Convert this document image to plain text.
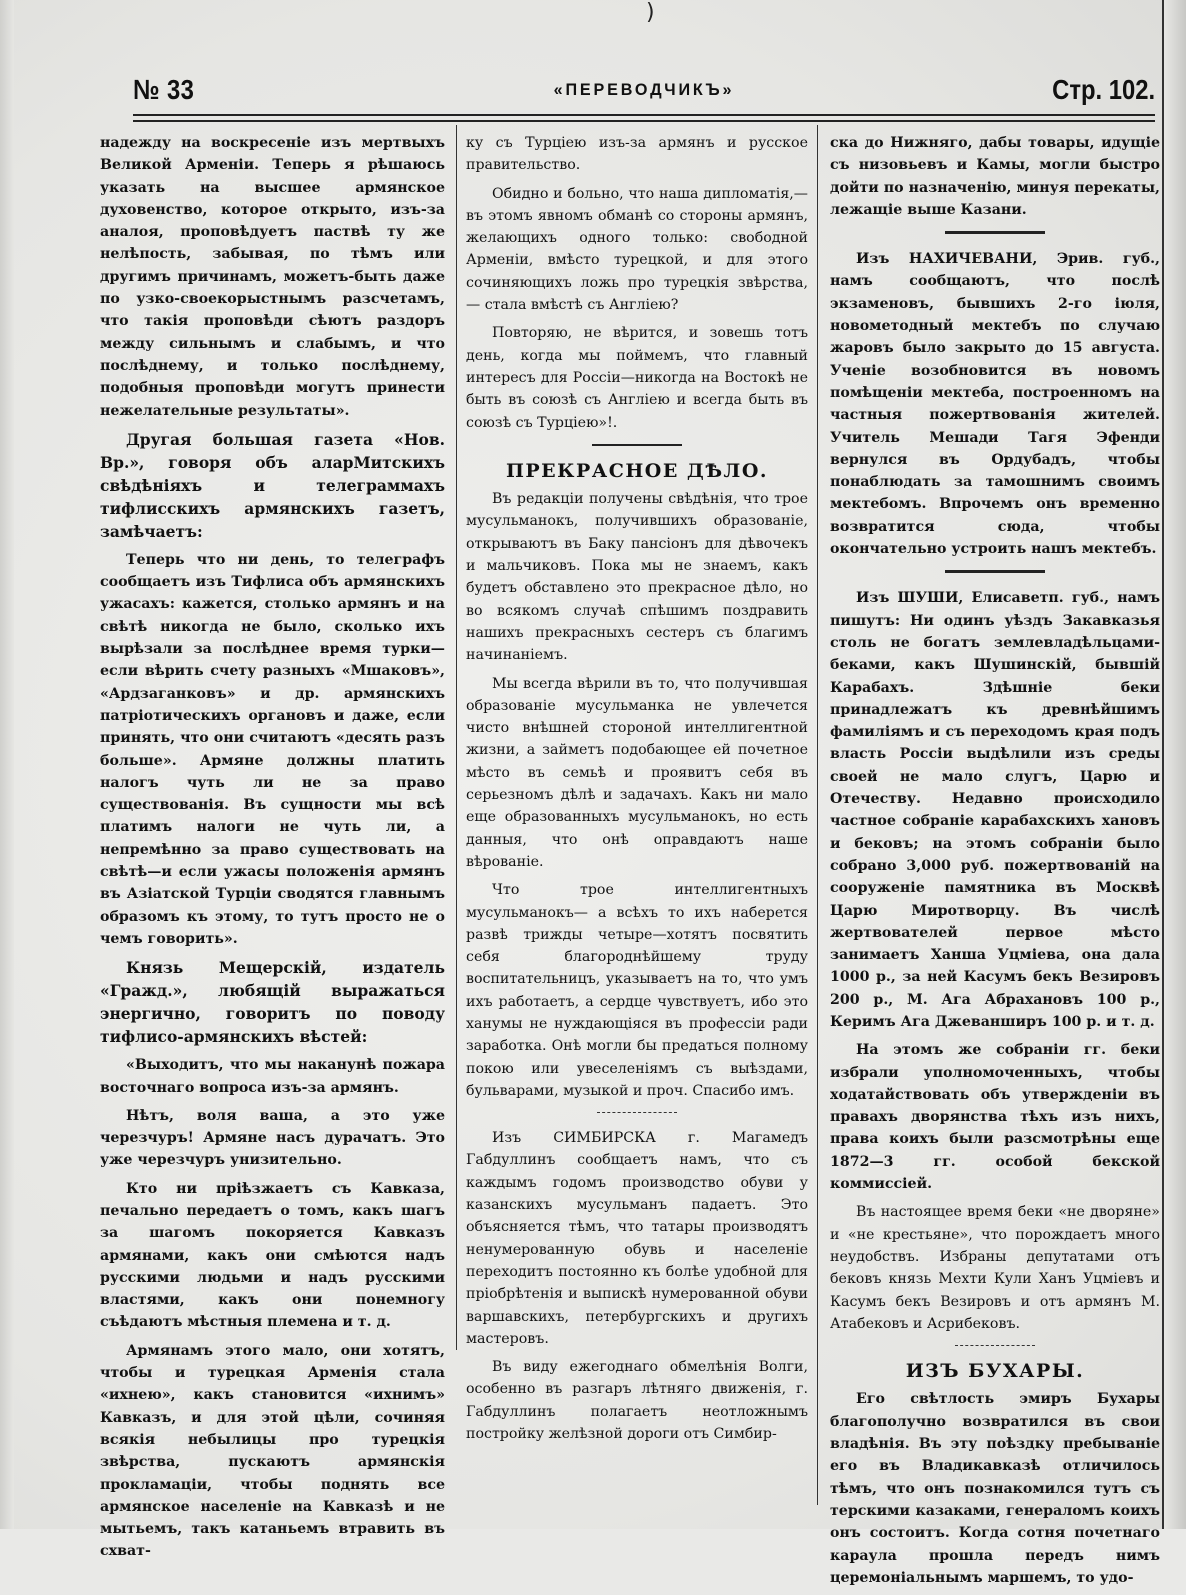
)
№ 33	«ПЕРЕВОДЧИКЪ»	Стр. 102.

надежду на воскресеніе изъ мертвыхъ Великой Арменіи. Теперь я рѣшаюсь указать на высшее армянское духовенство, которое открыто, изъ-за аналоя, проповѣдуетъ паствѣ ту же нелѣпость, забывая, по тѣмъ или другимъ причинамъ, можетъ-быть даже по узко-своекорыстнымъ разсчетамъ, что такія проповѣди сѣютъ раздоръ между сильнымъ и слабымъ, и что послѣднему, и только послѣднему, подобныя проповѣди могутъ принести нежелательные результаты».

Другая большая газета «Нов. Вр.», говоря объ аларМитскихъ свѣдѣніяхъ и телеграммахъ тифлисскихъ армянскихъ газетъ, замѣчаетъ:

Теперь что ни день, то телеграфъ сообщаетъ изъ Тифлиса объ армянскихъ ужасахъ: кажется, столько армянъ и на свѣтѣ никогда не было, сколько ихъ вырѣзали за послѣднее время турки—если вѣрить счету разныхъ «Мшаковъ», «Ардзаганковъ» и др. армянскихъ патріотическихъ органовъ и даже, если принять, что они считаютъ «десять разъ больше». Армяне должны платить налогъ чуть ли не за право существованія. Въ сущности мы всѣ платимъ налоги не чуть ли, а непремѣнно за право существовать на свѣтѣ—и если ужасы положенія армянъ въ Азіатской Турціи сводятся главнымъ образомъ къ этому, то тутъ просто не о чемъ говорить».

Князь Мещерскій, издатель «Гражд.», любящій выражаться энергично, говоритъ по поводу тифлисо-армянскихъ вѣстей:

«Выходитъ, что мы наканунѣ пожара восточнаго вопроса изъ-за армянъ.

Нѣтъ, воля ваша, а это уже черезчуръ! Армяне насъ дурачатъ. Это уже черезчуръ унизительно.

Кто ни пріѣзжаетъ съ Кавказа, печально передаетъ о томъ, какъ шагъ за шагомъ покоряется Кавказъ армянами, какъ они смѣются надъ русскими людьми и надъ русскими властями, какъ они понемногу съѣдаютъ мѣстныя племена и т. д.

Армянамъ этого мало, они хотятъ, чтобы и турецкая Арменія стала «ихнею», какъ становится «ихнимъ» Кавказъ, и для этой цѣли, сочиняя всякія небылицы про турецкія звѣрства, пускаютъ армянскія прокламаціи, чтобы поднять все армянское населеніе на Кавказѣ и не мытьемъ, такъ катаньемъ втравить въ схват-

ку съ Турціею изъ-за армянъ и русское правительство.

Обидно и больно, что наша дипломатія,—въ этомъ явномъ обманѣ со стороны армянъ, желающихъ одного только: свободной Арменіи, вмѣсто турецкой, и для этого сочиняющихъ ложь про турецкія звѣрства, — стала вмѣстѣ съ Англіею?

Повторяю, не вѣрится, и зовешь тотъ день, когда мы поймемъ, что главный интересъ для Россіи—никогда на Востокѣ не быть въ союзѣ съ Англіею и всегда быть въ союзѣ съ Турціею»!.

ПРЕКРАСНОЕ ДѢЛО.

Въ редакціи получены свѣдѣнія, что трое мусульманокъ, получившихъ образованіе, открываютъ въ Баку пансіонъ для дѣвочекъ и мальчиковъ. Пока мы не знаемъ, какъ будетъ обставлено это прекрасное дѣло, но во всякомъ случаѣ спѣшимъ поздравить нашихъ прекрасныхъ сестеръ съ благимъ начинаніемъ.

Мы всегда вѣрили въ то, что получившая образованіе мусульманка не увлечется чисто внѣшней стороной интеллигентной жизни, а займетъ подобающее ей почетное мѣсто въ семьѣ и проявитъ себя въ серьезномъ дѣлѣ и задачахъ. Какъ ни мало еще образованныхъ мусульманокъ, но есть данныя, что онѣ оправдаютъ наше вѣрованіе.

Что трое интеллигентныхъ мусульманокъ— а всѣхъ то ихъ наберется развѣ трижды четыре—хотятъ посвятить себя благороднѣйшему труду воспитательницъ, указываетъ на то, что умъ ихъ работаетъ, а сердце чувствуетъ, ибо это ханумы не нуждающіяся въ профессіи ради заработка. Онѣ могли бы предаться полному покою или увеселеніямъ съ выѣздами, бульварами, музыкой и проч. Спасибо имъ.

Изъ СИМБИРСКА г. Магамедъ Габдуллинъ сообщаетъ намъ, что съ каждымъ годомъ производство обуви у казанскихъ мусульманъ падаетъ. Это объясняется тѣмъ, что татары производятъ ненумерованную обувь и населеніе переходитъ постоянно къ болѣе удобной для пріобрѣтенія и выпискѣ нумерованной обуви варшавскихъ, петербургскихъ и другихъ мастеровъ.

Въ виду ежегоднаго обмелѣнія Волги, особенно въ разгаръ лѣтняго движенія, г. Габдуллинъ полагаетъ неотложнымъ постройку желѣзной дороги отъ Симбир-

ска до Нижняго, дабы товары, идущіе съ низовьевъ и Камы, могли быстро дойти по назначенію, минуя перекаты, лежащіе выше Казани.

Изъ НАХИЧЕВАНИ, Эрив. губ., намъ сообщаютъ, что послѣ экзаменовъ, бывшихъ 2-го іюля, новометодный мектебъ по случаю жаровъ было закрыто до 15 августа. Ученіе возобновится въ новомъ помѣщеніи мектеба, построенномъ на частныя пожертвованія жителей. Учитель Мешади Тагя Эфенди вернулся въ Ордубадъ, чтобы понаблюдать за тамошнимъ своимъ мектебомъ. Впрочемъ онъ временно возвратится сюда, чтобы окончательно устроить нашъ мектебъ.

Изъ ШУШИ, Елисаветп. губ., намъ пишутъ: Ни одинъ уѣздъ Закавказья столь не богатъ землевладѣльцами-беками, какъ Шушинскій, бывшій Карабахъ. Здѣшніе беки принадлежатъ къ древнѣйшимъ фамиліямъ и съ переходомъ края подъ власть Россіи выдѣлили изъ среды своей не мало слугъ, Царю и Отечеству. Недавно происходило частное собраніе карабахскихъ хановъ и бековъ; на этомъ собраніи было собрано 3,000 руб. пожертвованій на сооруженіе памятника въ Москвѣ Царю Миротворцу. Въ числѣ жертвователей первое мѣсто занимаетъ Ханша Уцміева, она дала 1000 р., за ней Касумъ бекъ Везировъ 200 р., М. Ага Абрахановъ 100 р., Керимъ Ага Джеванширъ 100 р. и т. д.

На этомъ же собраніи гг. беки избрали уполномоченныхъ, чтобы ходатайствовать объ утвержденіи въ правахъ дворянства тѣхъ изъ нихъ, права коихъ были разсмотрѣны еще 1872—3 гг. особой бекской коммиссіей.

Въ настоящее время беки «не дворяне» и «не крестьяне», что порождаетъ много неудобствъ. Избраны депутатами отъ бековъ князь Мехти Кули Ханъ Уцміевъ и Касумъ бекъ Везировъ и отъ армянъ М. Атабековъ и Асрибековъ.

ИЗЪ БУХАРЫ.

Его свѣтлость эмиръ Бухары благополучно возвратился въ свои владѣнія. Въ эту поѣздку пребываніе его въ Владикавказѣ отличилось тѣмъ, что онъ познакомился тутъ съ терскими казаками, генераломъ коихъ онъ состоитъ. Когда сотня почетнаго караула прошла передъ нимъ церемоніальнымъ маршемъ, то удо-
